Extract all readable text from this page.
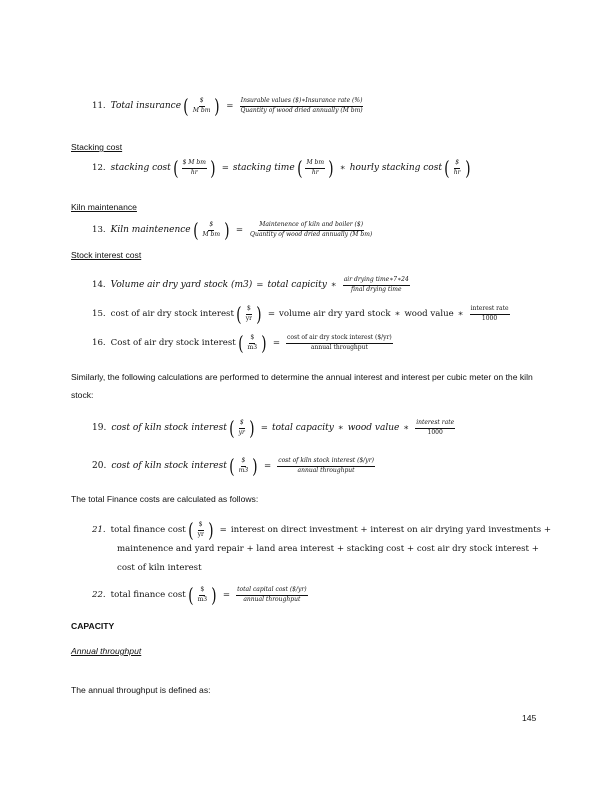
11. Total insurance ( $\frac{\$}{\text{M bm}}$
) = $\frac{\text{Insurable values (\$)∗Insurance rate (\%)}}{\text{Quantity of wood dried annually (M bm)}}$
Stacking cost
12. stacking cost ( $\frac{\text{\$ M bm}}{hr}$
) = stacking time ( $\frac{\text{M bm}}{hr}$
) ∗ hourly stacking cost ( $\frac{\$}{hr}$
)
Kiln maintenance
13. Kiln maintenence ( $\frac{\$}{\text{M bm}}$
) = $\frac{\text{Maintenence of kiln and boiler (\$)}}{\text{Quantity of wood dried annually (M bm)}}$
Stock interest cost
14. Volume air dry yard stock (m3) = total capicity ∗ $\frac{\text{air drying time∗7∗24}}{\text{final drying time}}$
15. cost of air dry stock interest ( $\frac{\$}{yr}$
) = volume air dry yard stock ∗ wood value ∗ $\frac{\text{interest rate}}{1000}$
16. Cost of air dry stock interest ( $\frac{\$}{m3}$
) = $\frac{\text{cost of air dry stock interest (\$/yr)}}{\text{annual throughput}}$
Similarly, the following calculations are performed to determine the annual interest and interest per cubic meter on the kiln stock:
19. cost of kiln stock interest ( $\frac{\$}{yr}$
) = total capacity ∗ wood value ∗ $\frac{\text{interest rate}}{1000}$
20. cost of kiln stock interest ( $\frac{\$}{m3}$
) = $\frac{\text{cost of kiln stock interest (\$/yr)}}{\text{annual throughput}}$
The total Finance costs are calculated as follows:
21. total finance cost ( $\frac{\$}{yr}$
) = interest on direct investment + interest on air drying yard investments +
maintenence and yard repair + land area interest + stacking cost + cost air dry stock interest +
cost of kiln interest
22. total finance cost ( $\frac{\$}{m3}$
) = $\frac{\text{total capital cost (\$/yr)}}{\text{annual throughput}}$
CAPACITY
Annual throughput
The annual throughput is defined as:
145
